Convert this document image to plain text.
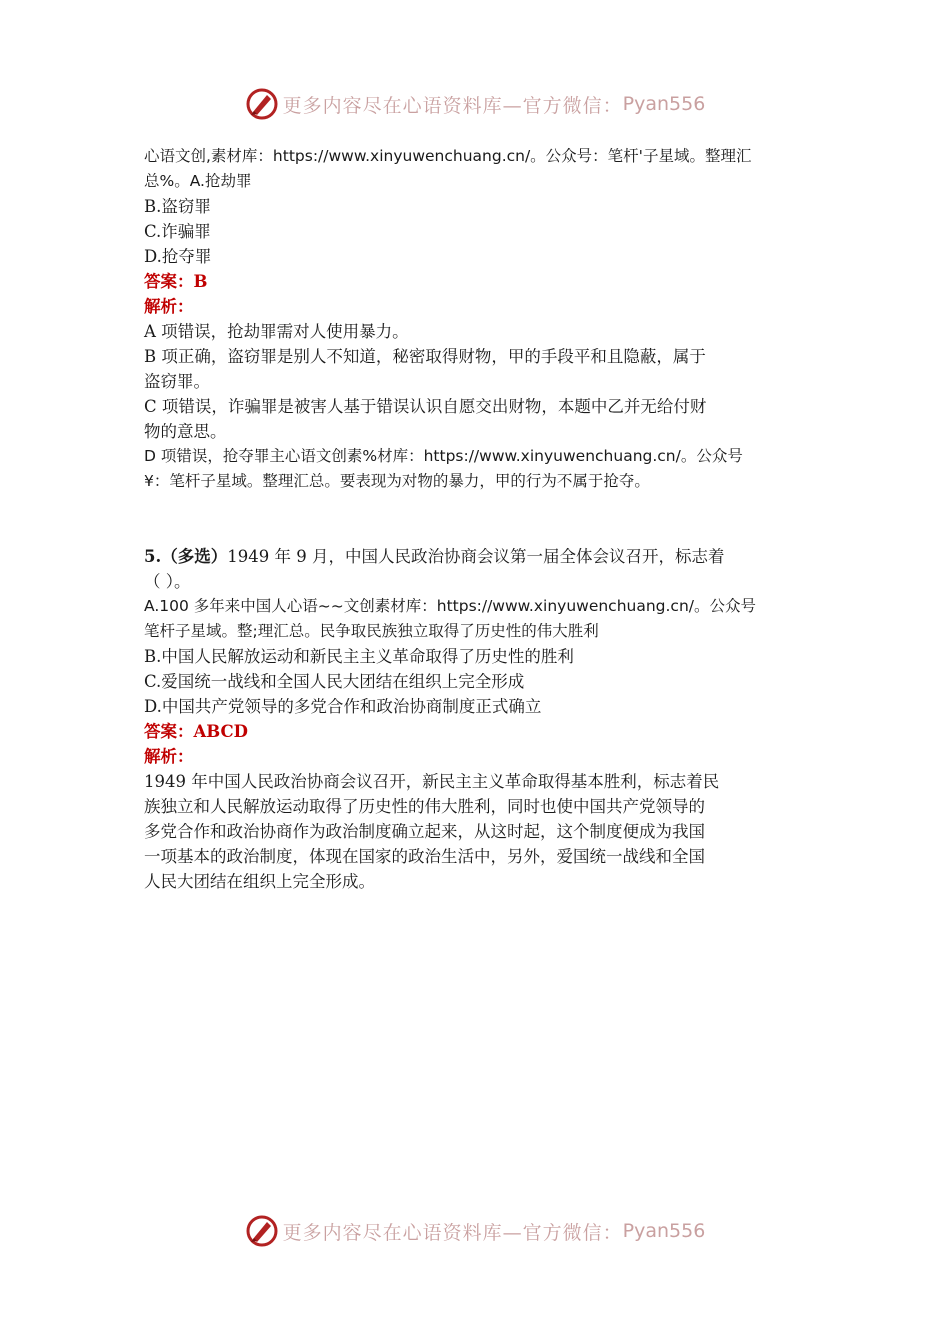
更多内容尽在心语资料库—官方微信： Pyan556

心语文创,素材库：https://www.xinyuwenchuang.cn/。公众号：笔杆'子星域。整理汇

总%。A.抢劫罪

B.盗窃罪

C.诈骗罪

D.抢夺罪

答案：B

解析：

A 项错误，抢劫罪需对人使用暴力。

B 项正确，盗窃罪是别人不知道，秘密取得财物，甲的手段平和且隐蔽，属于

盗窃罪。

C 项错误，诈骗罪是被害人基于错误认识自愿交出财物，本题中乙并无给付财

物的意思。

D 项错误，抢夺罪主心语文创素%材库：https://www.xinyuwenchuang.cn/。公众号

¥：笔杆子星域。整理汇总。要表现为对物的暴力，甲的行为不属于抢夺。

5.（多选）1949 年 9 月，中国人民政治协商会议第一届全体会议召开，标志着

（ ）。

A.100 多年来中国人心语~~文创素材库：https://www.xinyuwenchuang.cn/。公众号

笔杆子星域。整;理汇总。民争取民族独立取得了历史性的伟大胜利

B.中国人民解放运动和新民主主义革命取得了历史性的胜利

C.爱国统一战线和全国人民大团结在组织上完全形成

D.中国共产党领导的多党合作和政治协商制度正式确立

答案：ABCD

解析：

1949 年中国人民政治协商会议召开，新民主主义革命取得基本胜利，标志着民

族独立和人民解放运动取得了历史性的伟大胜利，同时也使中国共产党领导的

多党合作和政治协商作为政治制度确立起来，从这时起，这个制度便成为我国

一项基本的政治制度，体现在国家的政治生活中，另外，爱国统一战线和全国

人民大团结在组织上完全形成。

更多内容尽在心语资料库—官方微信： Pyan556
